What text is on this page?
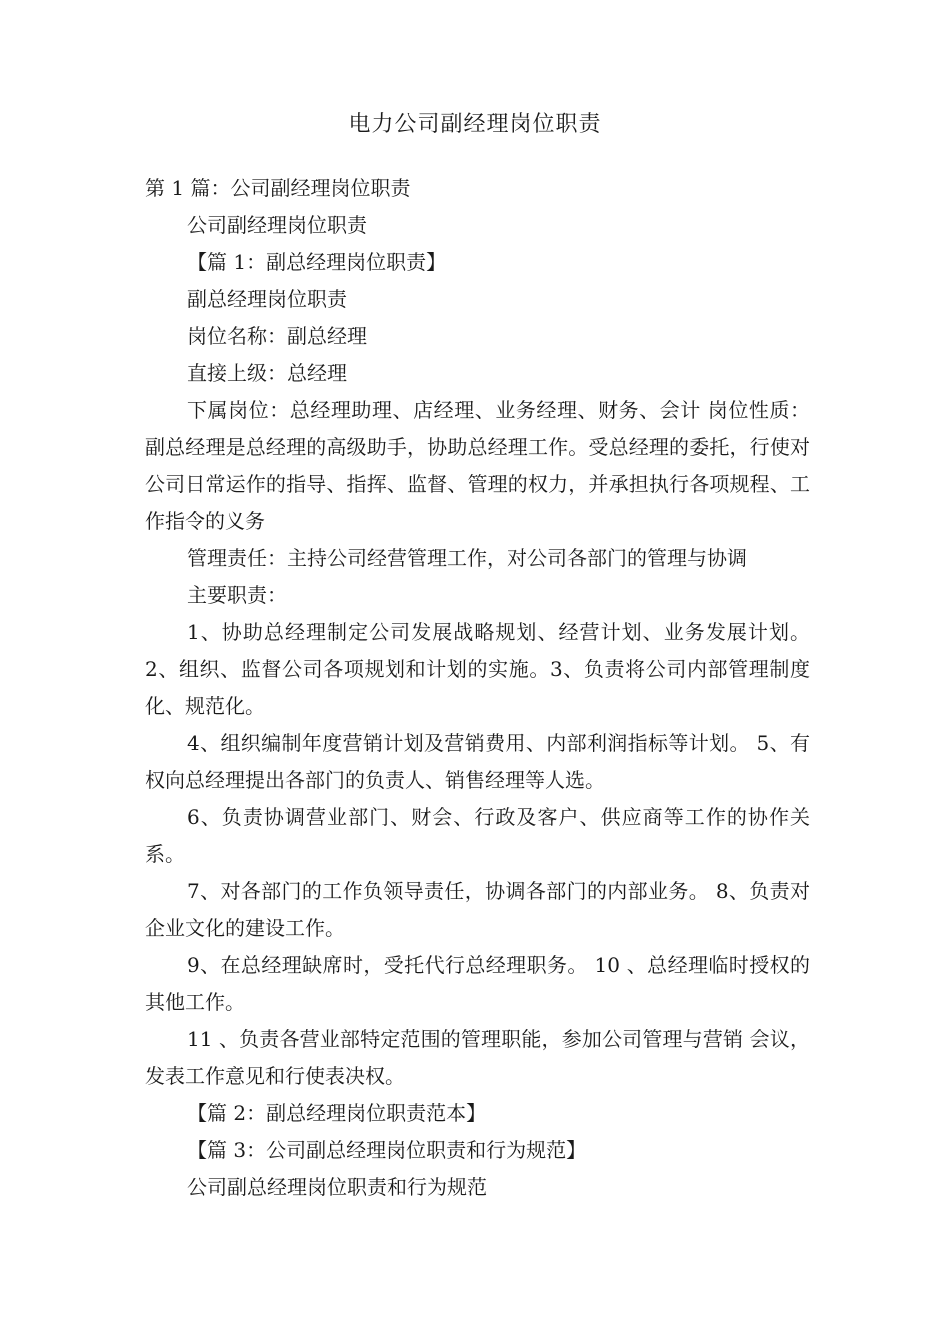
电力公司副经理岗位职责

第 1 篇：公司副经理岗位职责

公司副经理岗位职责

【篇 1：副总经理岗位职责】

副总经理岗位职责

岗位名称：副总经理

直接上级：总经理

下属岗位：总经理助理、店经理、业务经理、财务、会计 岗位性质：副总经理是总经理的高级助手，协助总经理工作。受总经理的委托，行使对公司日常运作的指导、指挥、监督、管理的权力，并承担执行各项规程、工作指令的义务

管理责任：主持公司经营管理工作，对公司各部门的管理与协调

主要职责：

1、协助总经理制定公司发展战略规划、经营计划、业务发展计划。2、组织、监督公司各项规划和计划的实施。3、负责将公司内部管理制度化、规范化。

4、组织编制年度营销计划及营销费用、内部利润指标等计划。 5、有权向总经理提出各部门的负责人、销售经理等人选。

6、负责协调营业部门、财会、行政及客户、供应商等工作的协作关系。

7、对各部门的工作负领导责任，协调各部门的内部业务。 8、负责对企业文化的建设工作。

9、在总经理缺席时，受托代行总经理职务。 10 、总经理临时授权的其他工作。

11 、负责各营业部特定范围的管理职能，参加公司管理与营销 会议，发表工作意见和行使表决权。

【篇 2：副总经理岗位职责范本】

【篇 3：公司副总经理岗位职责和行为规范】

公司副总经理岗位职责和行为规范
